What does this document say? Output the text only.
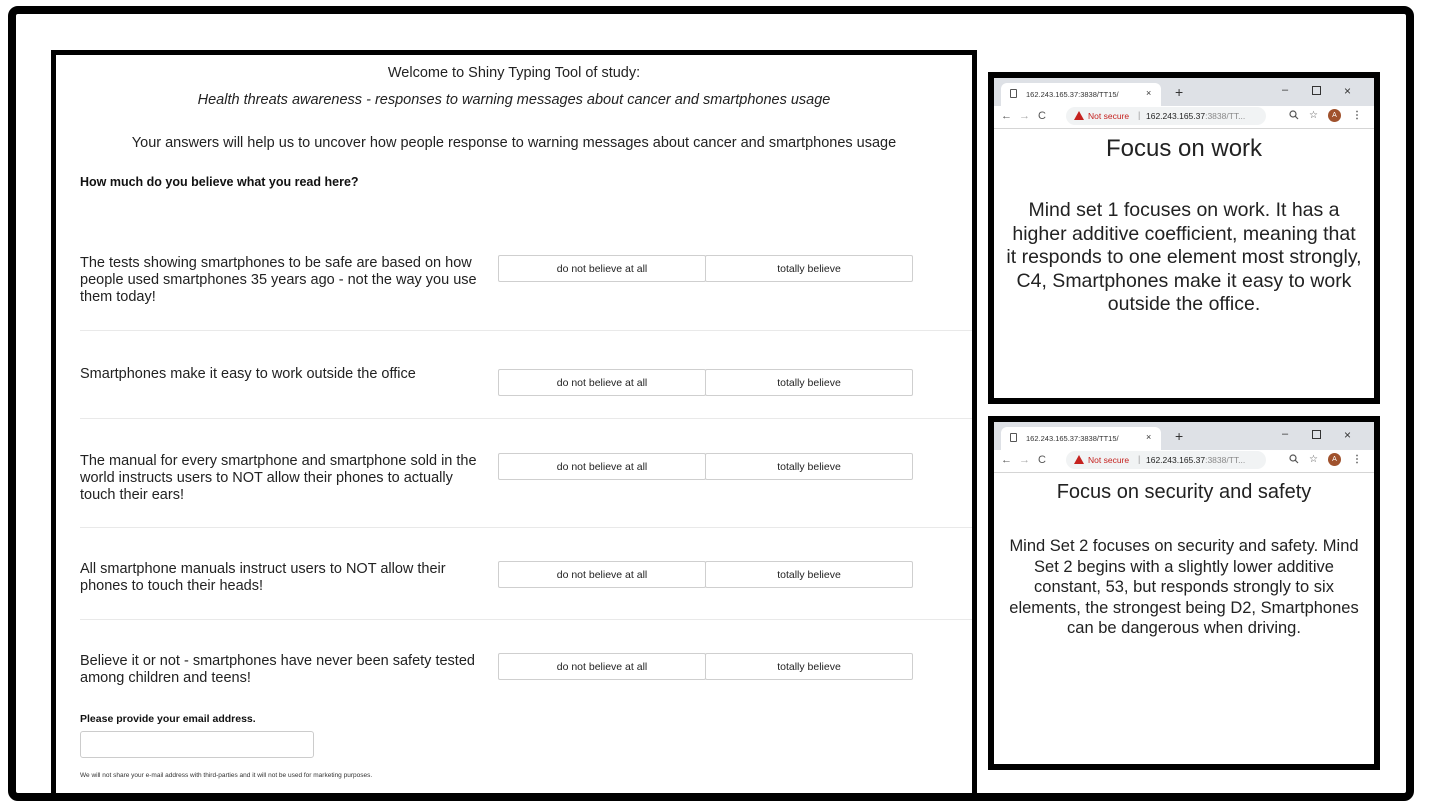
Welcome to Shiny Typing Tool of study:
Health threats awareness - responses to warning messages about cancer and smartphones usage
Your answers will help us to uncover how people response to warning messages about cancer and smartphones usage
How much do you believe what you read here?
The tests showing smartphones to be safe are based on how people used smartphones 35 years ago - not the way you use them today!
do not believe at all	totally believe
Smartphones make it easy to work outside the office
do not believe at all	totally believe
The manual for every smartphone and smartphone sold in the world instructs users to NOT allow their phones to actually touch their ears!
do not believe at all	totally believe
All smartphone manuals instruct users to NOT allow their phones to touch their heads!
do not believe at all	totally believe
Believe it or not - smartphones have never been safety tested among children and teens!
do not believe at all	totally believe
Please provide your email address.
We will not share your e-mail address with third-parties and it will not be used for marketing purposes.
162.243.165.37:3838/TT15/	× +	–	×
← → C	Not secure | 162.243.165.37:3838/TT...	☆	A	⋮
Focus on work
Mind set 1 focuses on work. It has a higher additive coefficient, meaning that it responds to one element most strongly, C4, Smartphones make it easy to work outside the office.
162.243.165.37:3838/TT15/	× +	–	×
← → C	Not secure | 162.243.165.37:3838/TT...	☆	A	⋮
Focus on security and safety
Mind Set 2 focuses on security and safety. Mind Set 2 begins with a slightly lower additive constant, 53, but responds strongly to six elements, the strongest being D2, Smartphones can be dangerous when driving.
